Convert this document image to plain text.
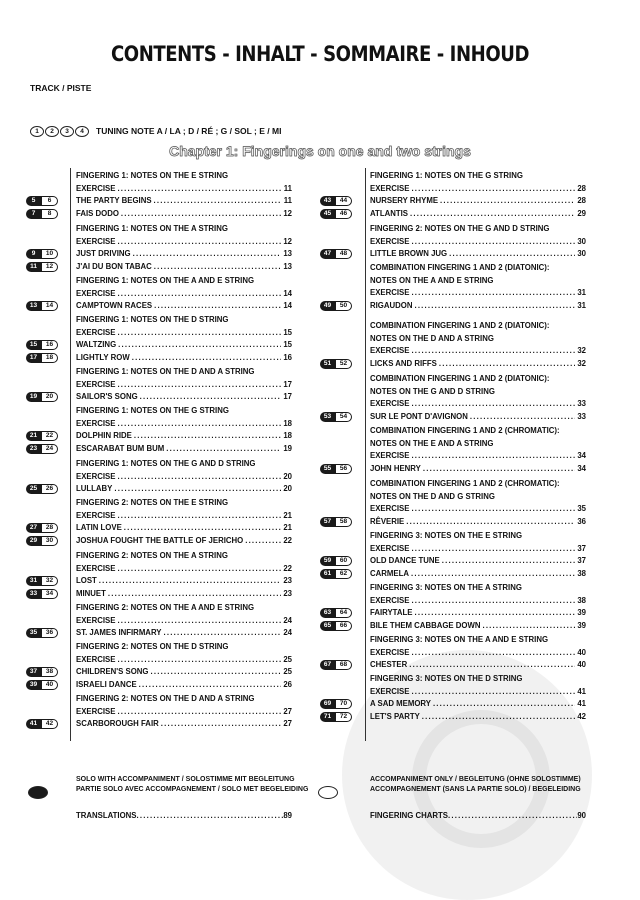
CONTENTS - INHALT - SOMMAIRE - INHOUD
TRACK / PISTE
1	2	3	4	TUNING NOTE A / LA ; D / RÉ ; G / SOL ; E / MI
Chapter 1: Fingerings on one and two strings
FINGERING 1: NOTES ON THE E STRING
EXERCISE .....	11
5	6	THE PARTY BEGINS .....	11
7	8	FAIS DODO .....	12
FINGERING 1: NOTES ON THE A STRING
EXERCISE .....	12
9	10	JUST DRIVING .....	13
11	12	J'AI DU BON TABAC .....	13
FINGERING 1: NOTES ON THE A AND E STRING
EXERCISE .....	14
13	14	CAMPTOWN RACES .....	14
FINGERING 1: NOTES ON THE D STRING
EXERCISE .....	15
15	16	WALTZING .....	15
17	18	LIGHTLY ROW .....	16
FINGERING 1: NOTES ON THE D AND A STRING
EXERCISE .....	17
19	20	SAILOR'S SONG .....	17
FINGERING 1: NOTES ON THE G STRING
EXERCISE .....	18
21	22	DOLPHIN RIDE .....	18
23	24	ESCARABAT BUM BUM .....	19
FINGERING 1: NOTES ON THE G AND D STRING
EXERCISE .....	20
25	26	LULLABY .....	20
FINGERING 2: NOTES ON THE E STRING
EXERCISE .....	21
27	28	LATIN LOVE .....	21
29	30	JOSHUA FOUGHT THE BATTLE OF JERICHO .....	22
FINGERING 2: NOTES ON THE A STRING
EXERCISE .....	22
31	32	LOST .....	23
33	34	MINUET .....	23
FINGERING 2: NOTES ON THE A AND E STRING
EXERCISE .....	24
35	36	ST. JAMES INFIRMARY .....	24
FINGERING 2: NOTES ON THE D STRING
EXERCISE .....	25
37	38	CHILDREN'S SONG .....	25
39	40	ISRAELI DANCE .....	26
FINGERING 2: NOTES ON THE D AND A STRING
EXERCISE .....	27
41	42	SCARBOROUGH FAIR .....	27
FINGERING 1: NOTES ON THE G STRING
EXERCISE .....	28
43	44	NURSERY RHYME .....	28
45	46	ATLANTIS .....	29
FINGERING 2: NOTES ON THE G AND D STRING
EXERCISE .....	30
47	48	LITTLE BROWN JUG .....	30
COMBINATION FINGERING 1 AND 2 (DIATONIC):
NOTES ON THE A AND E STRING
EXERCISE .....	31
49	50	RIGAUDON .....	31
COMBINATION FINGERING 1 AND 2 (DIATONIC):
NOTES ON THE D AND A STRING
EXERCISE .....	32
51	52	LICKS AND RIFFS .....	32
COMBINATION FINGERING 1 AND 2 (DIATONIC):
NOTES ON THE G AND D STRING
EXERCISE .....	33
53	54	SUR LE PONT D'AVIGNON .....	33
COMBINATION FINGERING 1 AND 2 (CHROMATIC):
NOTES ON THE E AND A STRING
EXERCISE .....	34
55	56	JOHN HENRY .....	34
COMBINATION FINGERING 1 AND 2 (CHROMATIC):
NOTES ON THE D AND G STRING
EXERCISE .....	35
57	58	RÊVERIE .....	36
FINGERING 3: NOTES ON THE E STRING
EXERCISE .....	37
59	60	OLD DANCE TUNE .....	37
61	62	CARMELA .....	38
FINGERING 3: NOTES ON THE A STRING
EXERCISE .....	38
63	64	FAIRYTALE .....	39
65	66	BILE THEM CABBAGE DOWN .....	39
FINGERING 3: NOTES ON THE A AND E STRING
EXERCISE .....	40
67	68	CHESTER .....	40
FINGERING 3: NOTES ON THE D STRING
EXERCISE .....	41
69	70	A SAD MEMORY .....	41
71	72	LET'S PARTY .....	42
SOLO WITH ACCOMPANIMENT / SOLOSTIMME MIT BEGLEITUNG
PARTIE SOLO AVEC ACCOMPAGNEMENT / SOLO MET BEGELEIDING
ACCOMPANIMENT ONLY / BEGLEITUNG (OHNE SOLOSTIMME)
ACCOMPAGNEMENT (SANS LA PARTIE SOLO) / BEGELEIDING
TRANSLATIONS .....	89	FINGERING CHARTS .....	90
